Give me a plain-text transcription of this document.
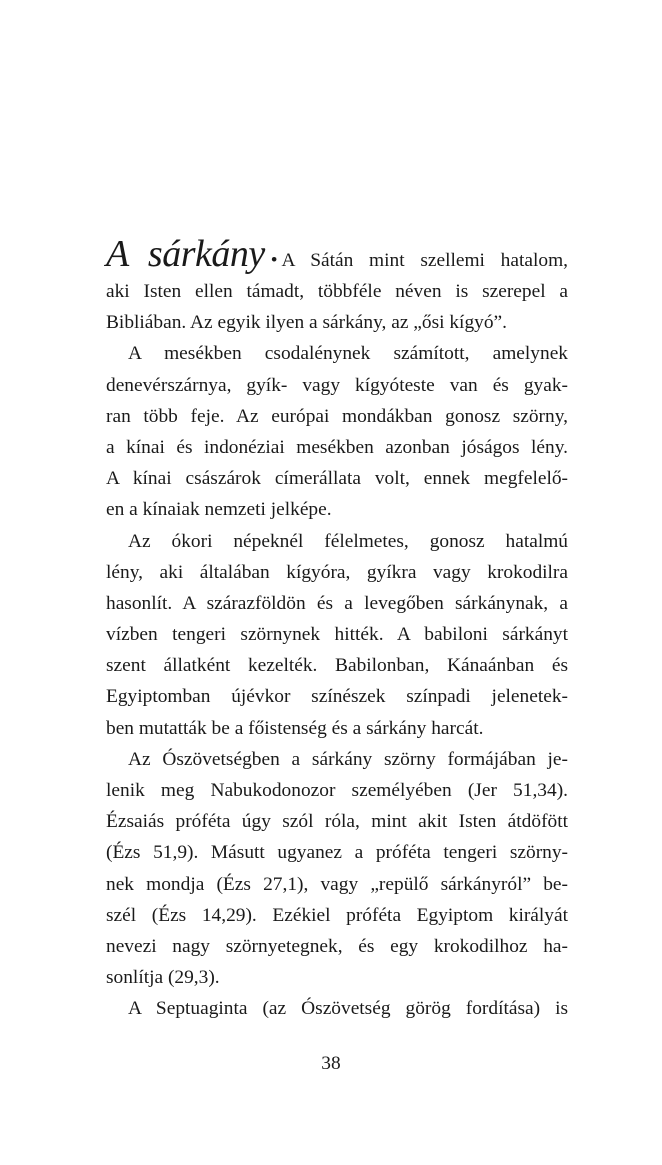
A sárkány • A Sátán mint szellemi hatalom,
aki Isten ellen támadt, többféle néven is szerepel a
Bibliában. Az egyik ilyen a sárkány, az „ősi kígyó”.
A mesékben csodalénynek számított, amelynek
denevérszárnya, gyík- vagy kígyóteste van és gyak-
ran több feje. Az európai mondákban gonosz szörny,
a kínai és indonéziai mesékben azonban jóságos lény.
A kínai császárok címerállata volt, ennek megfelelő-
en a kínaiak nemzeti jelképe.
Az ókori népeknél félelmetes, gonosz hatalmú
lény, aki általában kígyóra, gyíkra vagy krokodilra
hasonlít. A szárazföldön és a levegőben sárkánynak, a
vízben tengeri szörnynek hitték. A babiloni sárkányt
szent állatként kezelték. Babilonban, Kánaánban és
Egyiptomban újévkor színészek színpadi jelenetek-
ben mutatták be a főistenség és a sárkány harcát.
Az Ószövetségben a sárkány szörny formájában je-
lenik meg Nabukodonozor személyében (Jer 51,34).
Ézsaiás próféta úgy szól róla, mint akit Isten átdöfött
(Ézs 51,9). Másutt ugyanez a próféta tengeri szörny-
nek mondja (Ézs 27,1), vagy „repülő sárkányról” be-
szél (Ézs 14,29). Ezékiel próféta Egyiptom királyát
nevezi nagy szörnyetegnek, és egy krokodilhoz ha-
sonlítja (29,3).
A Septuaginta (az Ószövetség görög fordítása) is
38
